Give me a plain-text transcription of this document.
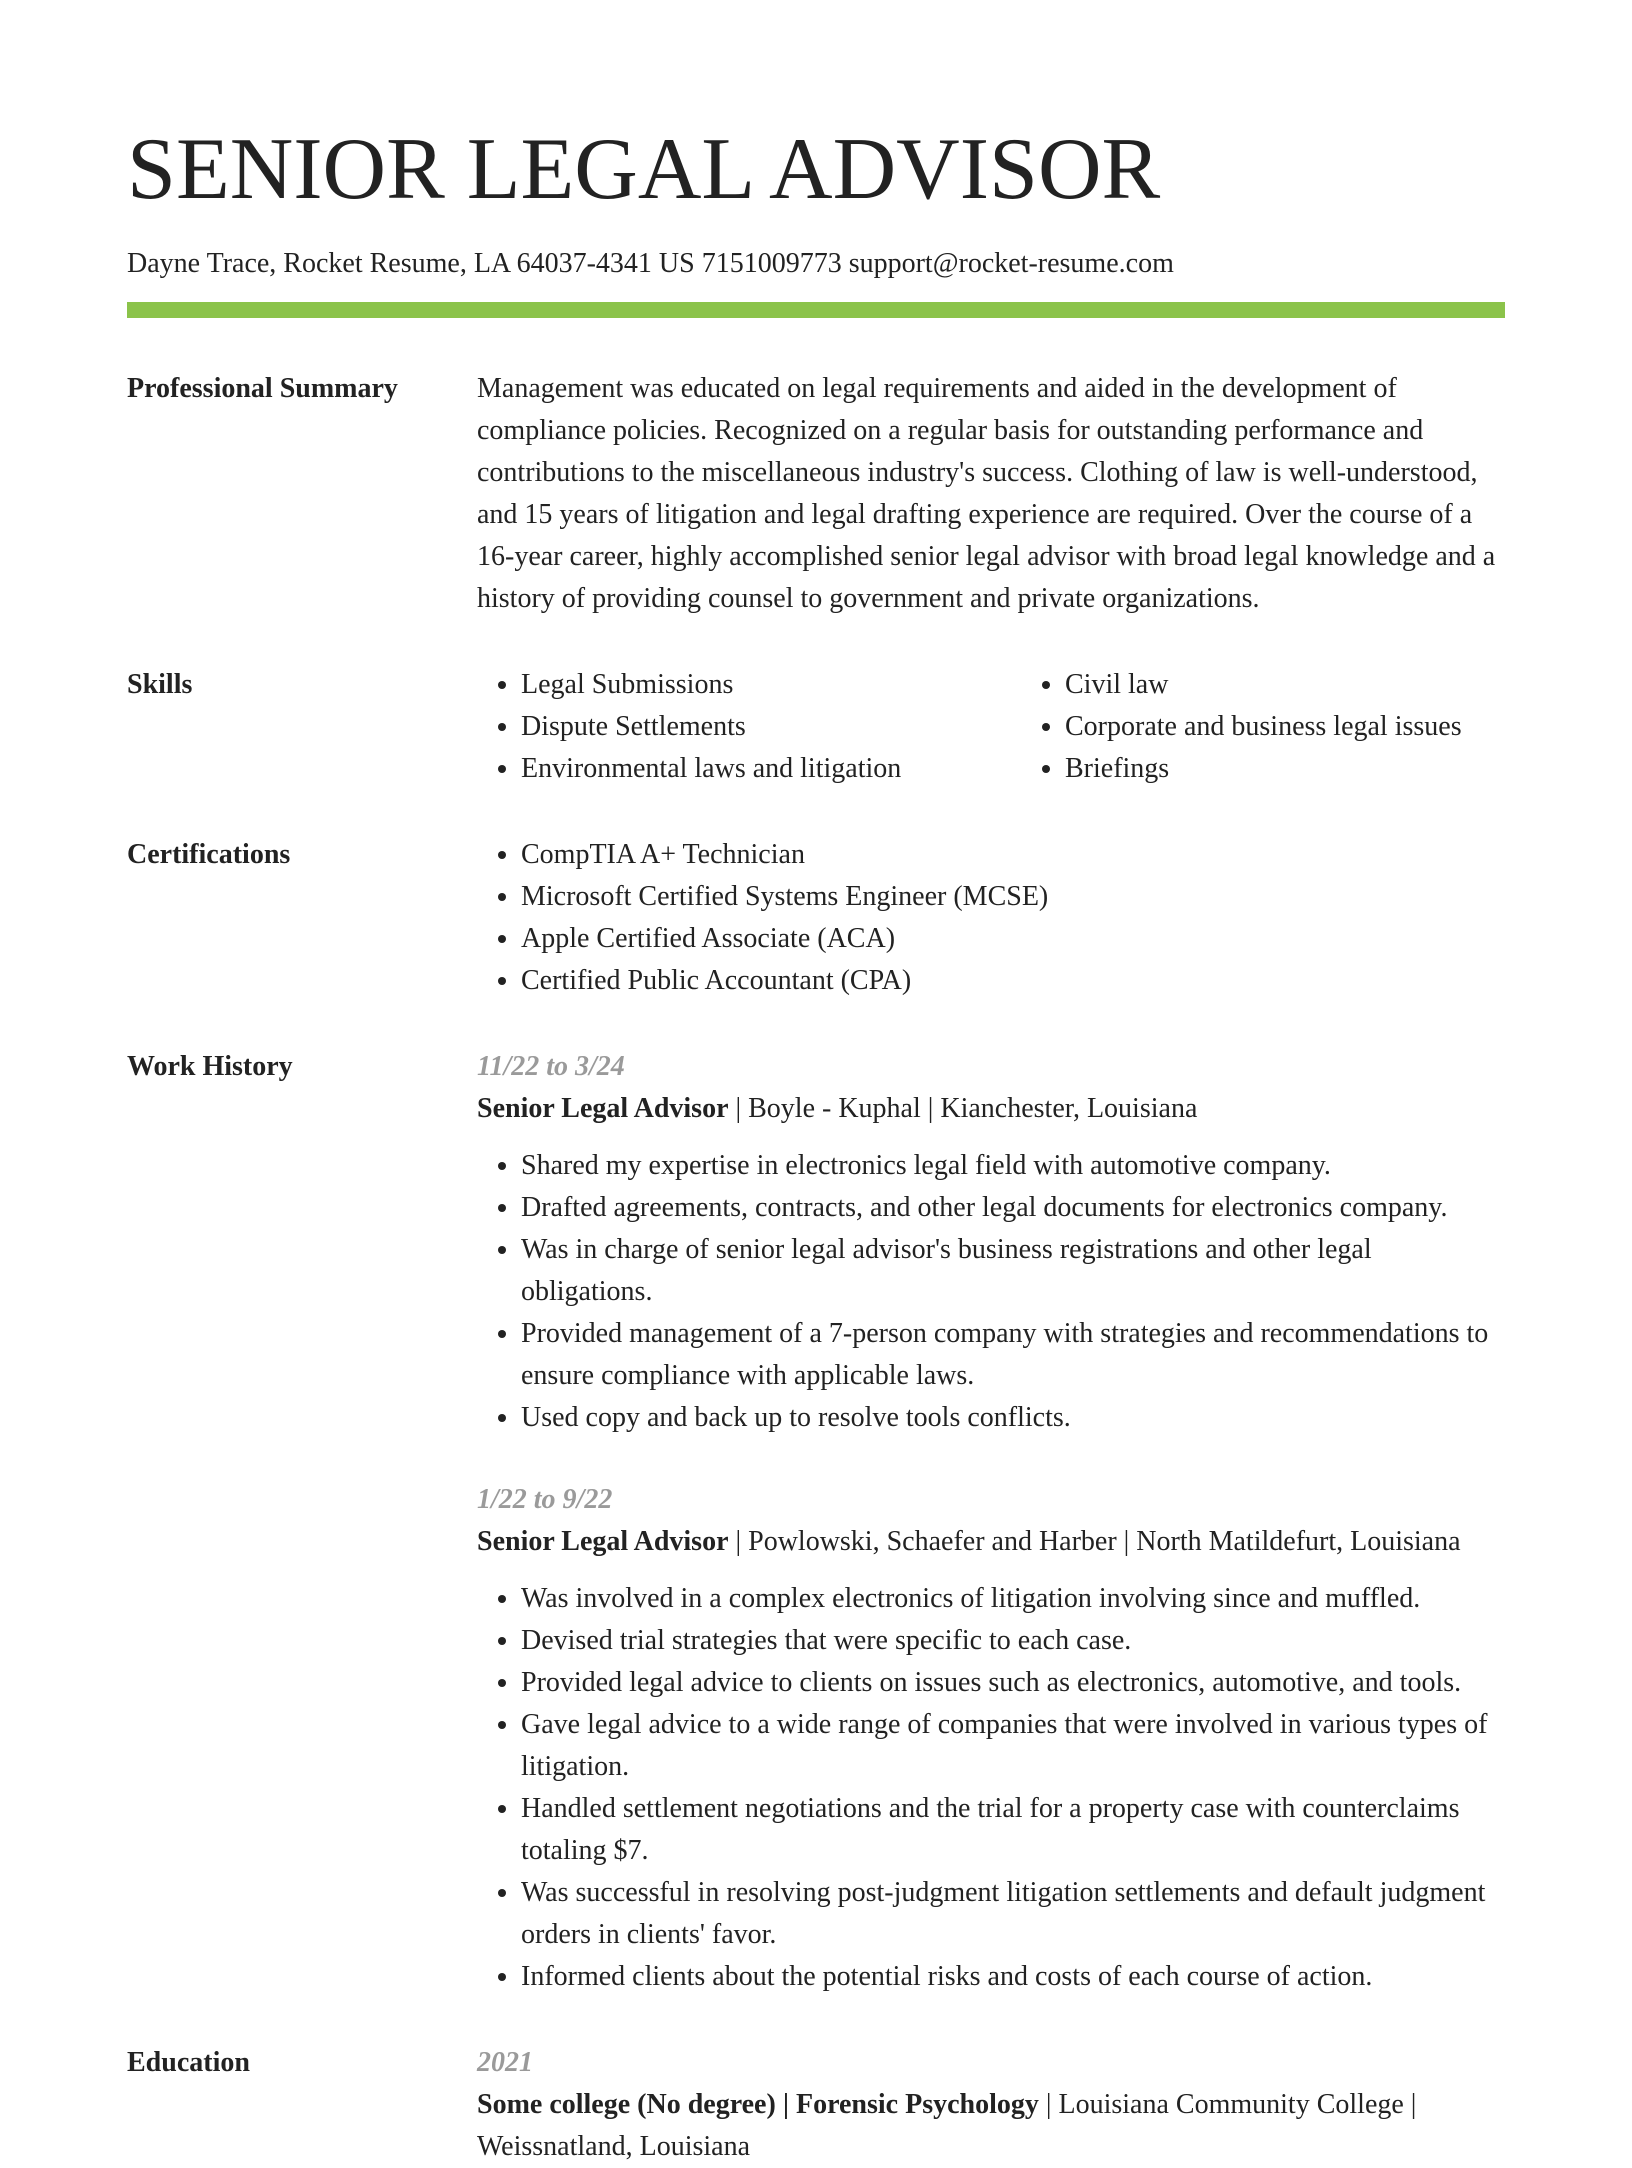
SENIOR LEGAL ADVISOR
Dayne Trace, Rocket Resume, LA 64037-4341 US 7151009773 support@rocket-resume.com
Professional Summary	Management was educated on legal requirements and aided in the development of compliance policies. Recognized on a regular basis for outstanding performance and contributions to the miscellaneous industry's success. Clothing of law is well-understood, and 15 years of litigation and legal drafting experience are required. Over the course of a 16-year career, highly accomplished senior legal advisor with broad legal knowledge and a history of providing counsel to government and private organizations.

Skills	• Legal Submissions
• Dispute Settlements
• Environmental laws and litigation
• Civil law
• Corporate and business legal issues
• Briefings
Certifications	• CompTIA A+ Technician
• Microsoft Certified Systems Engineer (MCSE)
• Apple Certified Associate (ACA)
• Certified Public Accountant (CPA)
Work History	11/22 to 3/24
Senior Legal Advisor | Boyle - Kuphal | Kianchester, Louisiana
• Shared my expertise in electronics legal field with automotive company.
• Drafted agreements, contracts, and other legal documents for electronics company.
• Was in charge of senior legal advisor's business registrations and other legal obligations.
• Provided management of a 7-person company with strategies and recommendations to ensure compliance with applicable laws.
• Used copy and back up to resolve tools conflicts.
1/22 to 9/22
Senior Legal Advisor | Powlowski, Schaefer and Harber | North Matildefurt, Louisiana
• Was involved in a complex electronics of litigation involving since and muffled.
• Devised trial strategies that were specific to each case.
• Provided legal advice to clients on issues such as electronics, automotive, and tools.
• Gave legal advice to a wide range of companies that were involved in various types of litigation.
• Handled settlement negotiations and the trial for a property case with counterclaims totaling $7.
• Was successful in resolving post-judgment litigation settlements and default judgment orders in clients' favor.
• Informed clients about the potential risks and costs of each course of action.
Education	2021
Some college (No degree) | Forensic Psychology | Louisiana Community College | Weissnatland, Louisiana
